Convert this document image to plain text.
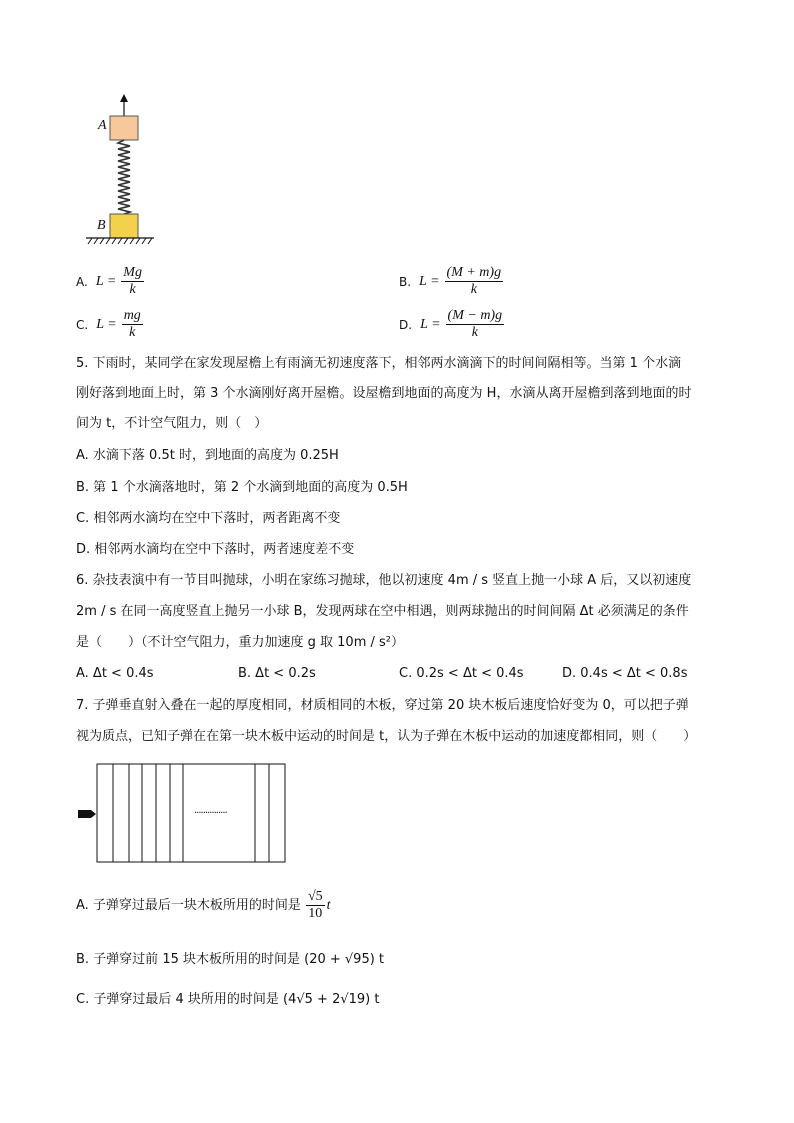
A
B
A. $L = \frac{Mg}{k}$	B. $L = \frac{(M + m)g}{k}$
C. $L = \frac{mg}{k}$	D. $L = \frac{(M - m)g}{k}$
5. 下雨时，某同学在家发现屋檐上有雨滴无初速度落下，相邻两水滴滴下的时间间隔相等。当第 1 个水滴
刚好落到地面上时，第 3 个水滴刚好离开屋檐。设屋檐到地面的高度为 H，水滴从离开屋檐到落到地面的时
间为 t，不计空气阻力，则（　）
A. 水滴下落 0.5t 时，到地面的高度为 0.25H
B. 第 1 个水滴落地时，第 2 个水滴到地面的高度为 0.5H
C. 相邻两水滴均在空中下落时，两者距离不变
D. 相邻两水滴均在空中下落时，两者速度差不变
6. 杂技表演中有一节目叫抛球，小明在家练习抛球，他以初速度 4m / s 竖直上抛一小球 A 后，又以初速度
2m / s 在同一高度竖直上抛另一小球 B，发现两球在空中相遇，则两球抛出的时间间隔 Δt 必须满足的条件
是（　　）（不计空气阻力，重力加速度 g 取 10m / s²）
A. Δt < 0.4s	B. Δt < 0.2s	C. 0.2s < Δt < 0.4s	D. 0.4s < Δt < 0.8s
7. 子弹垂直射入叠在一起的厚度相同，材质相同的木板，穿过第 20 块木板后速度恰好变为 0，可以把子弹
视为质点，已知子弹在在第一块木板中运动的时间是 t，认为子弹在木板中运动的加速度都相同，则（　　）
···············
A. 子弹穿过最后一块木板所用的时间是 $\frac{√5}{10}$ t
B. 子弹穿过前 15 块木板所用的时间是 (20 + √95) t
C. 子弹穿过最后 4 块所用的时间是 (4√5 + 2√19) t
